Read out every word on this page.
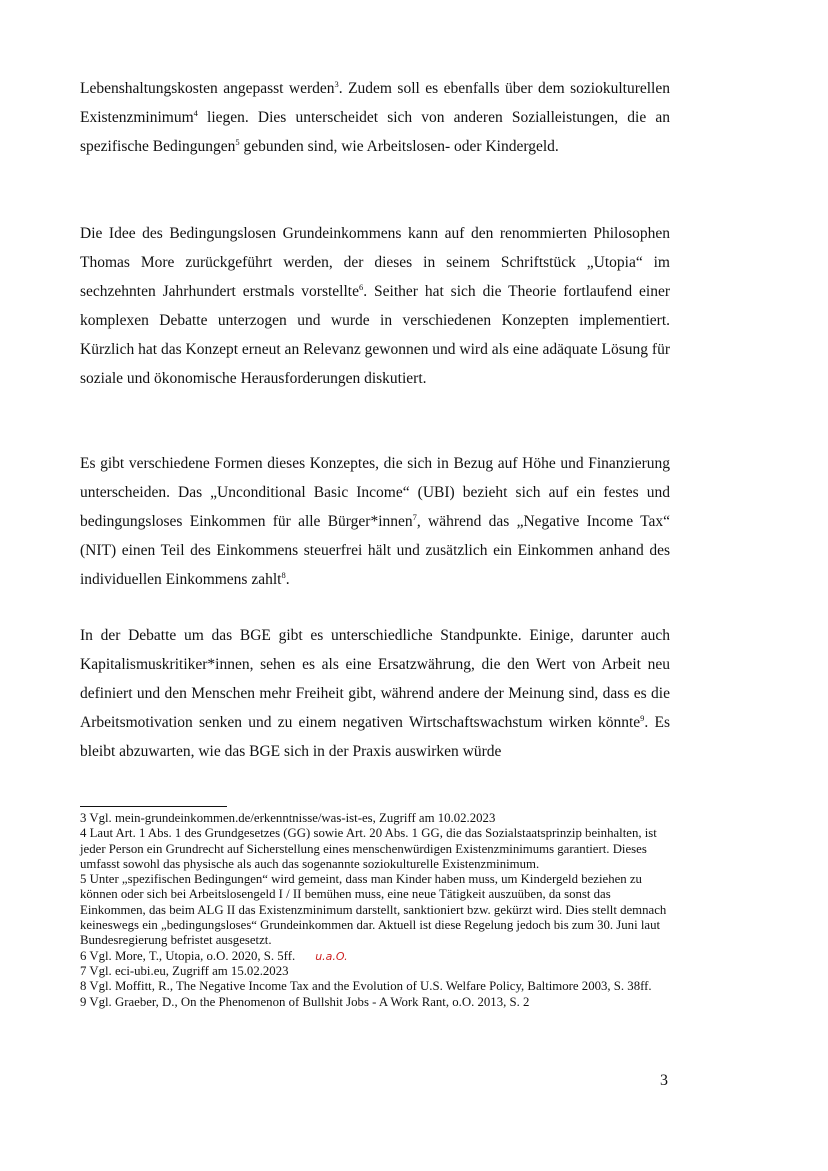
Lebenshaltungskosten angepasst werden$^3$. Zudem soll es ebenfalls über dem soziokulturellen Existenzminimum$^4$ liegen. Dies unterscheidet sich von anderen Sozialleistungen, die an spezifische Bedingungen$^5$ gebunden sind, wie Arbeitslosen- oder Kindergeld.

Die Idee des Bedingungslosen Grundeinkommens kann auf den renommierten Philosophen Thomas More zurückgeführt werden, der dieses in seinem Schriftstück „Utopia“ im sechzehnten Jahrhundert erstmals vorstellte$^6$. Seither hat sich die Theorie fortlaufend einer komplexen Debatte unterzogen und wurde in verschiedenen Konzepten implementiert. Kürzlich hat das Konzept erneut an Relevanz gewonnen und wird als eine adäquate Lösung für soziale und ökonomische Herausforderungen diskutiert.

Es gibt verschiedene Formen dieses Konzeptes, die sich in Bezug auf Höhe und Finanzierung unterscheiden. Das „Unconditional Basic Income“ (UBI) bezieht sich auf ein festes und bedingungsloses Einkommen für alle Bürger*innen$^7$, während das „Negative Income Tax“ (NIT) einen Teil des Einkommens steuerfrei hält und zusätzlich ein Einkommen anhand des individuellen Einkommens zahlt$^8$.

In der Debatte um das BGE gibt es unterschiedliche Standpunkte. Einige, darunter auch Kapitalismuskritiker*innen, sehen es als eine Ersatzwährung, die den Wert von Arbeit neu definiert und den Menschen mehr Freiheit gibt, während andere der Meinung sind, dass es die Arbeitsmotivation senken und zu einem negativen Wirtschaftswachstum wirken könnte$^9$. Es bleibt abzuwarten, wie das BGE sich in der Praxis auswirken würde

3 Vgl. mein-grundeinkommen.de/erkenntnisse/was-ist-es, Zugriff am 10.02.2023

4 Laut Art. 1 Abs. 1 des Grundgesetzes (GG) sowie Art. 20 Abs. 1 GG, die das Sozialstaatsprinzip beinhalten, ist jeder Person ein Grundrecht auf Sicherstellung eines menschenwürdigen Existenzminimums garantiert. Dieses umfasst sowohl das physische als auch das sogenannte soziokulturelle Existenzminimum.

5 Unter „spezifischen Bedingungen“ wird gemeint, dass man Kinder haben muss, um Kindergeld beziehen zu können oder sich bei Arbeitslosengeld I / II bemühen muss, eine neue Tätigkeit auszuüben, da sonst das Einkommen, das beim ALG II das Existenzminimum darstellt, sanktioniert bzw. gekürzt wird. Dies stellt demnach keineswegs ein „bedingungsloses“ Grundeinkommen dar. Aktuell ist diese Regelung jedoch bis zum 30. Juni laut Bundesregierung befristet ausgesetzt.

6 Vgl. More, T., Utopia, o.O. 2020, S. 5ff. u.a.O.

7 Vgl. eci-ubi.eu, Zugriff am 15.02.2023

8 Vgl. Moffitt, R., The Negative Income Tax and the Evolution of U.S. Welfare Policy, Baltimore 2003, S. 38ff.

9 Vgl. Graeber, D., On the Phenomenon of Bullshit Jobs - A Work Rant, o.O. 2013, S. 2

3
